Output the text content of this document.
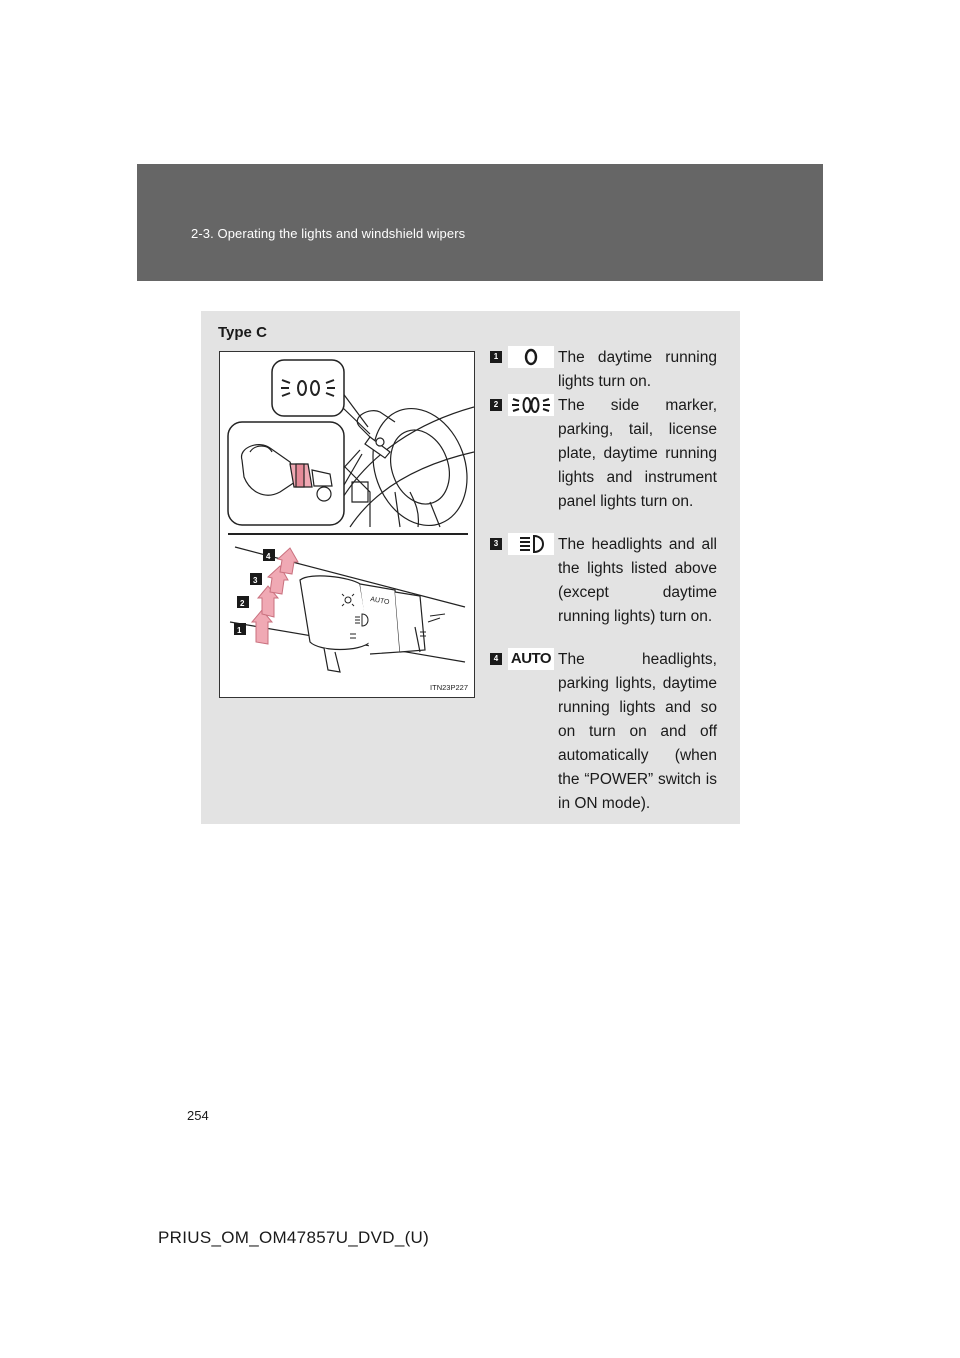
2-3. Operating the lights and windshield wipers
Type C
AUTO
1
2
3
4
ITN23P227
1	The daytime running lights turn on.
2	The side marker, parking, tail, license plate, daytime running lights and instrument panel lights turn on.
3	The headlights and all the lights listed above (except daytime running lights) turn on.
4 AUTO The headlights, parking lights, daytime running lights and so on turn on and off automatically (when the “POWER” switch is in ON mode).
254
PRIUS_OM_OM47857U_DVD_(U)
